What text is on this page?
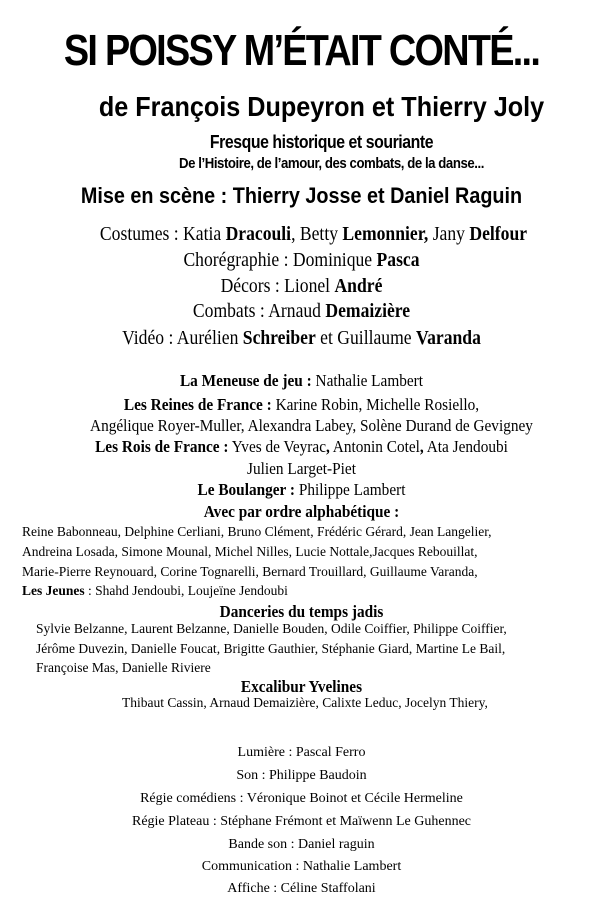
SI POISSY M’ÉTAIT CONTÉ...
de François Dupeyron et Thierry Joly
Fresque historique et souriante
De l’Histoire, de l’amour, des combats, de la danse...
Mise en scène : Thierry Josse et Daniel Raguin
Costumes : Katia Dracouli, Betty Lemonnier, Jany Delfour
Chorégraphie : Dominique Pasca
Décors : Lionel André
Combats : Arnaud Demaizière
Vidéo : Aurélien Schreiber et Guillaume Varanda
La Meneuse de jeu : Nathalie Lambert
Les Reines de France : Karine Robin, Michelle Rosiello,
Angélique Royer-Muller, Alexandra Labey, Solène Durand de Gevigney
Les Rois de France : Yves de Veyrac, Antonin Cotel, Ata Jendoubi
Julien Larget-Piet
Le Boulanger : Philippe Lambert
Avec par ordre alphabétique :
Reine Babonneau, Delphine Cerliani, Bruno Clément, Frédéric Gérard, Jean Langelier,
Andreina Losada, Simone Mounal, Michel Nilles, Lucie Nottale,Jacques Rebouillat,
Marie-Pierre Reynouard, Corine Tognarelli, Bernard Trouillard, Guillaume Varanda,
Les Jeunes : Shahd Jendoubi, Loujeïne Jendoubi
Danceries du temps jadis
Sylvie Belzanne, Laurent Belzanne, Danielle Bouden, Odile Coiffier, Philippe Coiffier,
Jérôme Duvezin, Danielle Foucat, Brigitte Gauthier, Stéphanie Giard, Martine Le Bail,
Françoise Mas, Danielle Riviere
Excalibur Yvelines
Thibaut Cassin, Arnaud Demaizière, Calixte Leduc, Jocelyn Thiery,
Lumière : Pascal Ferro
Son : Philippe Baudoin
Régie comédiens : Véronique Boinot et Cécile Hermeline
Régie Plateau : Stéphane Frémont et Maïwenn Le Guhennec
Bande son : Daniel raguin
Communication : Nathalie Lambert
Affiche : Céline Staffolani
